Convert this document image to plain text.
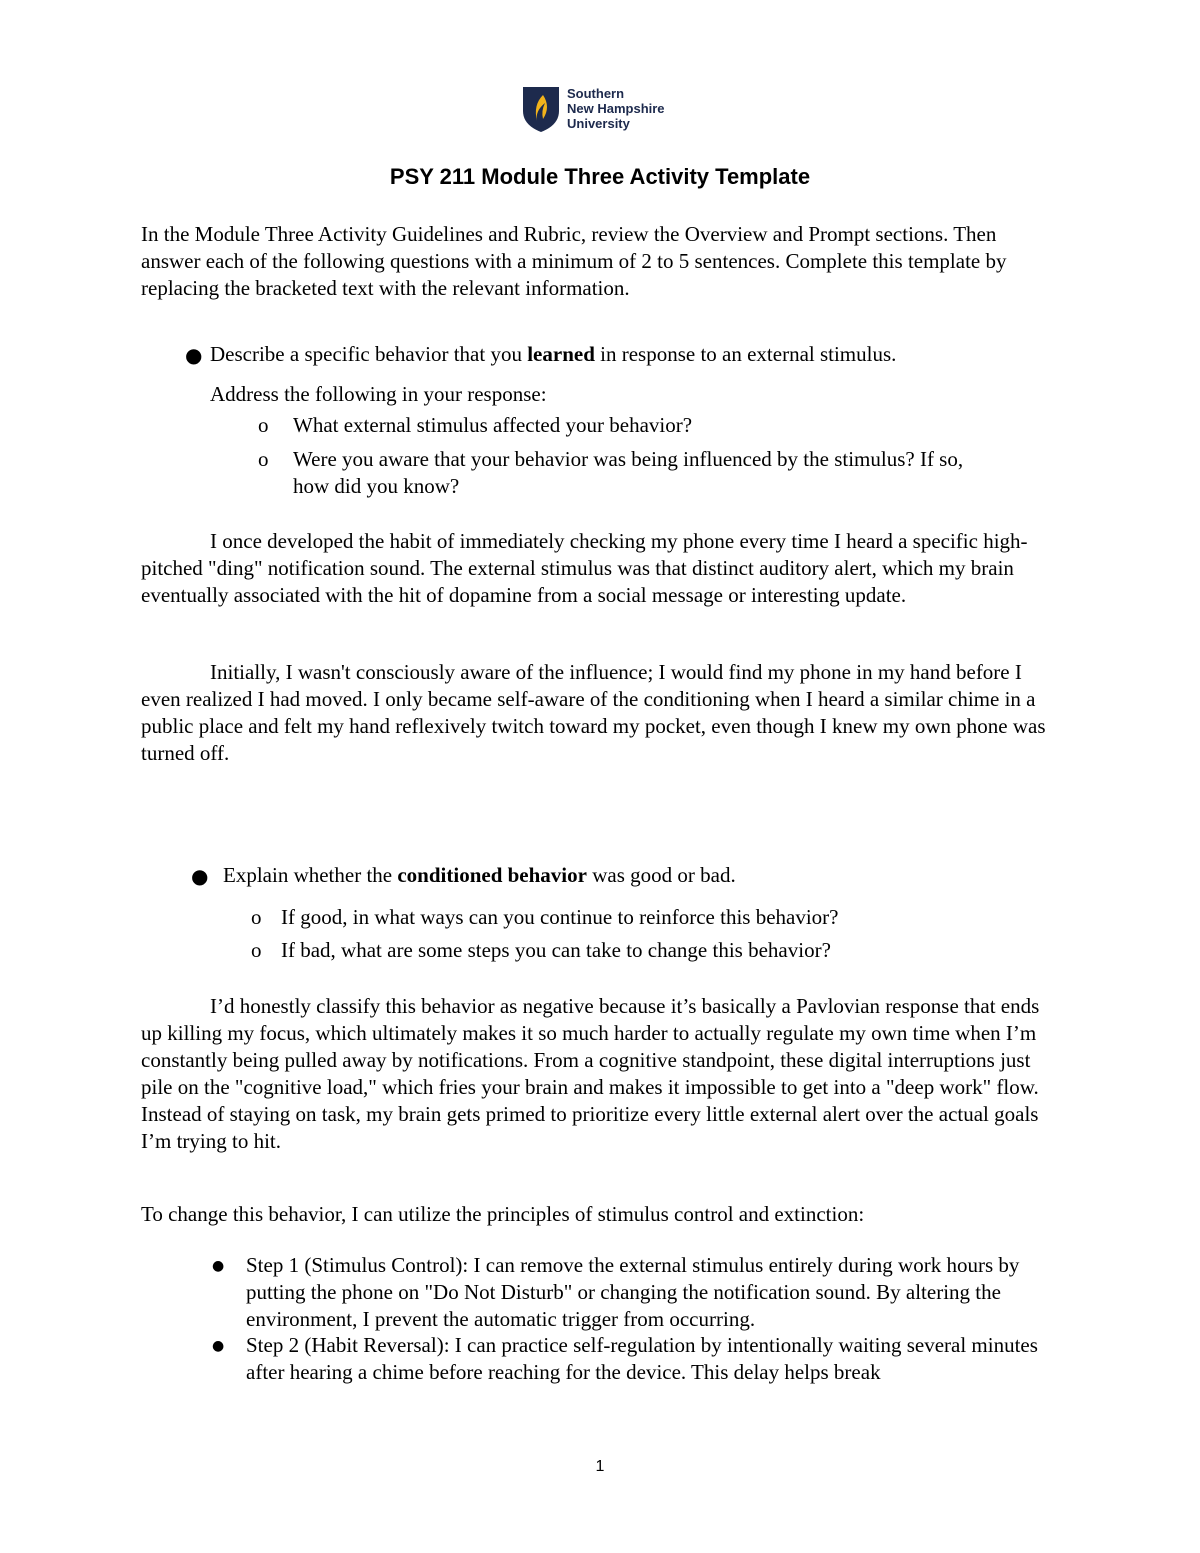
Southern
New Hampshire
University
PSY 211 Module Three Activity Template

In the Module Three Activity Guidelines and Rubric, review the Overview and Prompt sections. Then answer each of the following questions with a minimum of 2 to 5 sentences. Complete this template by replacing the bracketed text with the relevant information.

● Describe a specific behavior that you learned in response to an external stimulus.

Address the following in your response:

o What external stimulus affected your behavior?

o Were you aware that your behavior was being influenced by the stimulus? If so,
how did you know?

I once developed the habit of immediately checking my phone every time I heard a specific high-pitched "ding" notification sound. The external stimulus was that distinct auditory alert, which my brain eventually associated with the hit of dopamine from a social message or interesting update.

Initially, I wasn't consciously aware of the influence; I would find my phone in my hand before I even realized I had moved. I only became self-aware of the conditioning when I heard a similar chime in a public place and felt my hand reflexively twitch toward my pocket, even though I knew my own phone was turned off.

● Explain whether the conditioned behavior was good or bad.

o If good, in what ways can you continue to reinforce this behavior?

o If bad, what are some steps you can take to change this behavior?

I’d honestly classify this behavior as negative because it’s basically a Pavlovian response that ends up killing my focus, which ultimately makes it so much harder to actually regulate my own time when I’m constantly being pulled away by notifications. From a cognitive standpoint, these digital interruptions just pile on the "cognitive load," which fries your brain and makes it impossible to get into a "deep work" flow. Instead of staying on task, my brain gets primed to prioritize every little external alert over the actual goals I’m trying to hit.

To change this behavior, I can utilize the principles of stimulus control and extinction:

● Step 1 (Stimulus Control): I can remove the external stimulus entirely during work hours by putting the phone on "Do Not Disturb" or changing the notification sound. By altering the environment, I prevent the automatic trigger from occurring.

● Step 2 (Habit Reversal): I can practice self-regulation by intentionally waiting several minutes after hearing a chime before reaching for the device. This delay helps break

1
